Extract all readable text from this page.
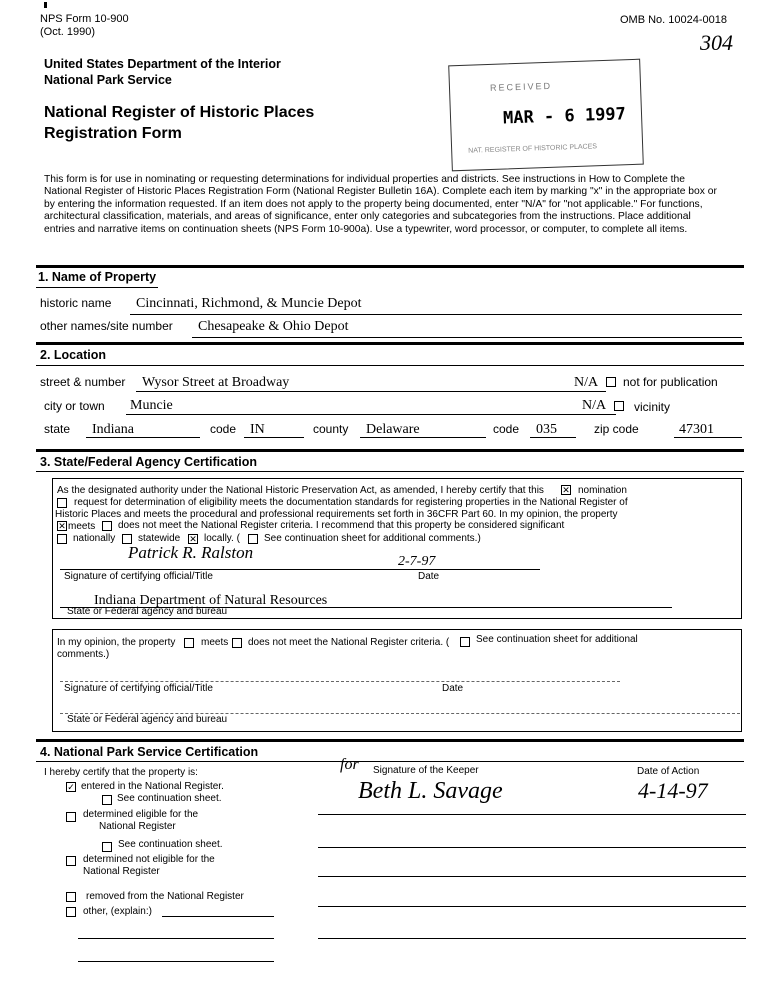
NPS Form 10-900
(Oct. 1990)
OMB No. 10024-0018
304
United States Department of the Interior
National Park Service
National Register of Historic Places
Registration Form
RECEIVED
MAR - 6 1997
NAT. REGISTER OF HISTORIC PLACES
This form is for use in nominating or requesting determinations for individual properties and districts. See instructions in How to Complete the
National Register of Historic Places Registration Form (National Register Bulletin 16A). Complete each item by marking "x" in the appropriate box or
by entering the information requested. If an item does not apply to the property being documented, enter "N/A" for "not applicable." For functions,
architectural classification, materials, and areas of significance, enter only categories and subcategories from the instructions. Place additional
entries and narrative items on continuation sheets (NPS Form 10-900a). Use a typewriter, word processor, or computer, to complete all items.
1. Name of Property
historic name Cincinnati, Richmond, & Muncie Depot
other names/site number Chesapeake & Ohio Depot
2. Location
street & number Wysor Street at Broadway	N/A not for publication
city or town Muncie	N/A vicinity
state Indiana	code IN	county Delaware	code 035	zip code	47301
3. State/Federal Agency Certification
As the designated authority under the National Historic Preservation Act, as amended, I hereby certify that this ✕ nomination
request for determination of eligibility meets the documentation standards for registering properties in the National Register of
Historic Places and meets the procedural and professional requirements set forth in 36CFR Part 60. In my opinion, the property
✕ meets does not meet the National Register criteria. I recommend that this property be considered significant
nationally statewide ✕ locally. ( See continuation sheet for additional comments.)
Patrick R. Ralston	2-7-97
Signature of certifying official/Title	Date
Indiana Department of Natural Resources
State or Federal agency and bureau
In my opinion, the property	meets does not meet the National Register criteria. (	See continuation sheet for additional
comments.)
Signature of certifying official/Title	Date
State or Federal agency and bureau
4. National Park Service Certification
I hereby certify that the property is:	for Signature of the Keeper	Date of Action
Beth L. Savage	4-14-97
✓ entered in the National Register.
See continuation sheet.
determined eligible for the
National Register
See continuation sheet.
determined not eligible for the
National Register
removed from the National Register
other, (explain:)
